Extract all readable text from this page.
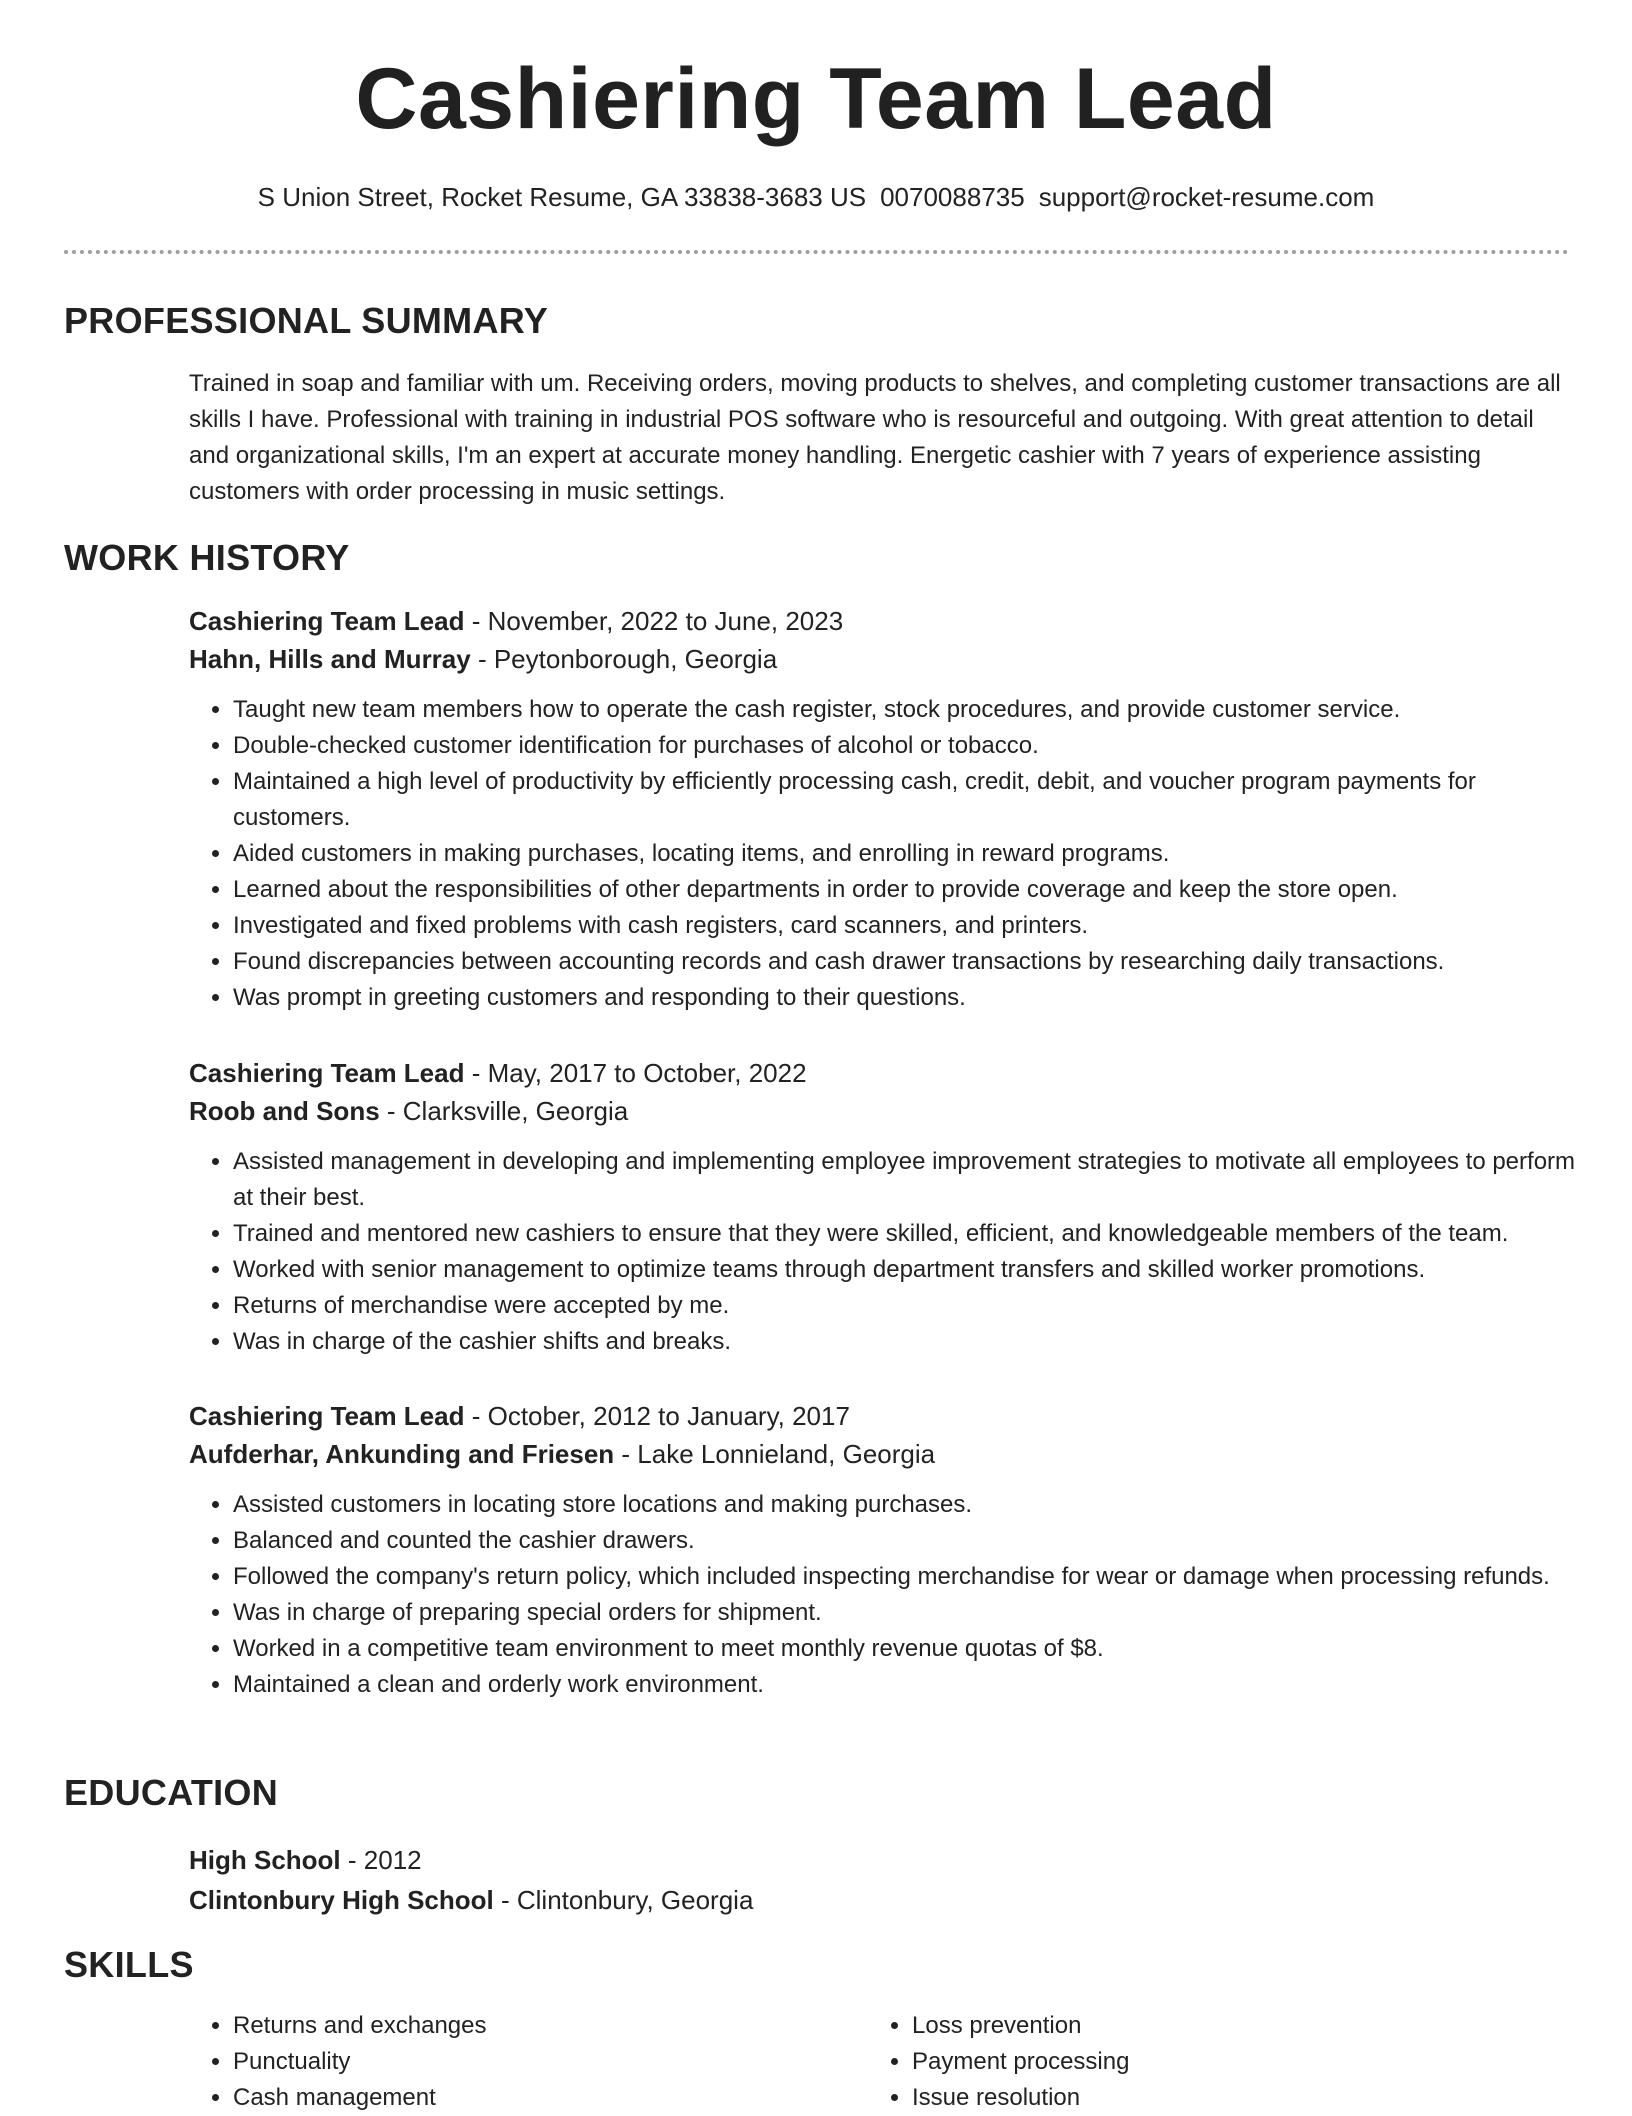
Cashiering Team Lead
S Union Street, Rocket Resume, GA 33838-3683 US 0070088735 support@rocket-resume.com
PROFESSIONAL SUMMARY
Trained in soap and familiar with um. Receiving orders, moving products to shelves, and completing customer transactions are all skills I have. Professional with training in industrial POS software who is resourceful and outgoing. With great attention to detail and organizational skills, I'm an expert at accurate money handling. Energetic cashier with 7 years of experience assisting customers with order processing in music settings.
WORK HISTORY
Cashiering Team Lead - November, 2022 to June, 2023
Hahn, Hills and Murray - Peytonborough, Georgia
• Taught new team members how to operate the cash register, stock procedures, and provide customer service.
• Double-checked customer identification for purchases of alcohol or tobacco.
• Maintained a high level of productivity by efficiently processing cash, credit, debit, and voucher program payments for customers.
• Aided customers in making purchases, locating items, and enrolling in reward programs.
• Learned about the responsibilities of other departments in order to provide coverage and keep the store open.
• Investigated and fixed problems with cash registers, card scanners, and printers.
• Found discrepancies between accounting records and cash drawer transactions by researching daily transactions.
• Was prompt in greeting customers and responding to their questions.
Cashiering Team Lead - May, 2017 to October, 2022
Roob and Sons - Clarksville, Georgia
• Assisted management in developing and implementing employee improvement strategies to motivate all employees to perform at their best.
• Trained and mentored new cashiers to ensure that they were skilled, efficient, and knowledgeable members of the team.
• Worked with senior management to optimize teams through department transfers and skilled worker promotions.
• Returns of merchandise were accepted by me.
• Was in charge of the cashier shifts and breaks.
Cashiering Team Lead - October, 2012 to January, 2017
Aufderhar, Ankunding and Friesen - Lake Lonnieland, Georgia
• Assisted customers in locating store locations and making purchases.
• Balanced and counted the cashier drawers.
• Followed the company's return policy, which included inspecting merchandise for wear or damage when processing refunds.
• Was in charge of preparing special orders for shipment.
• Worked in a competitive team environment to meet monthly revenue quotas of $8.
• Maintained a clean and orderly work environment.
EDUCATION
High School - 2012
Clintonbury High School - Clintonbury, Georgia
SKILLS
• Returns and exchanges
• Punctuality
• Cash management
• Loss prevention
• Payment processing
• Issue resolution
